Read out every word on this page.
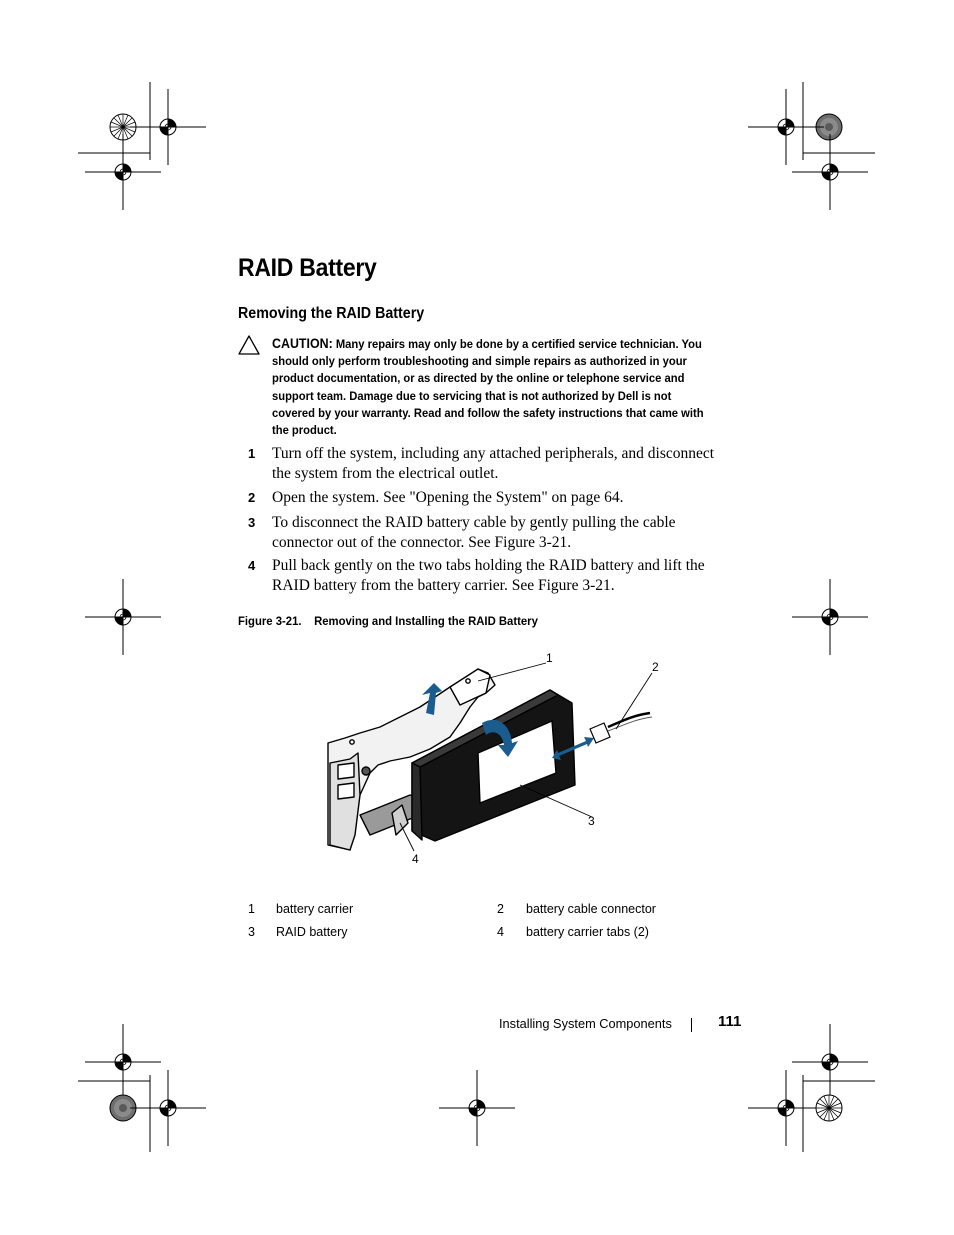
RAID Battery
Removing the RAID Battery
CAUTION: Many repairs may only be done by a certified service technician. You should only perform troubleshooting and simple repairs as authorized in your product documentation, or as directed by the online or telephone service and support team. Damage due to servicing that is not authorized by Dell is not covered by your warranty. Read and follow the safety instructions that came with the product.
1 Turn off the system, including any attached peripherals, and disconnect the system from the electrical outlet.
2 Open the system. See "Opening the System" on page 64.
3 To disconnect the RAID battery cable by gently pulling the cable connector out of the connector. See Figure 3-21.
4 Pull back gently on the two tabs holding the RAID battery and lift the RAID battery from the battery carrier. See Figure 3-21.
Figure 3-21. Removing and Installing the RAID Battery
1
2
3
4
1 battery carrier	2 battery cable connector
3 RAID battery	4 battery carrier tabs (2)
Installing System Components	111
